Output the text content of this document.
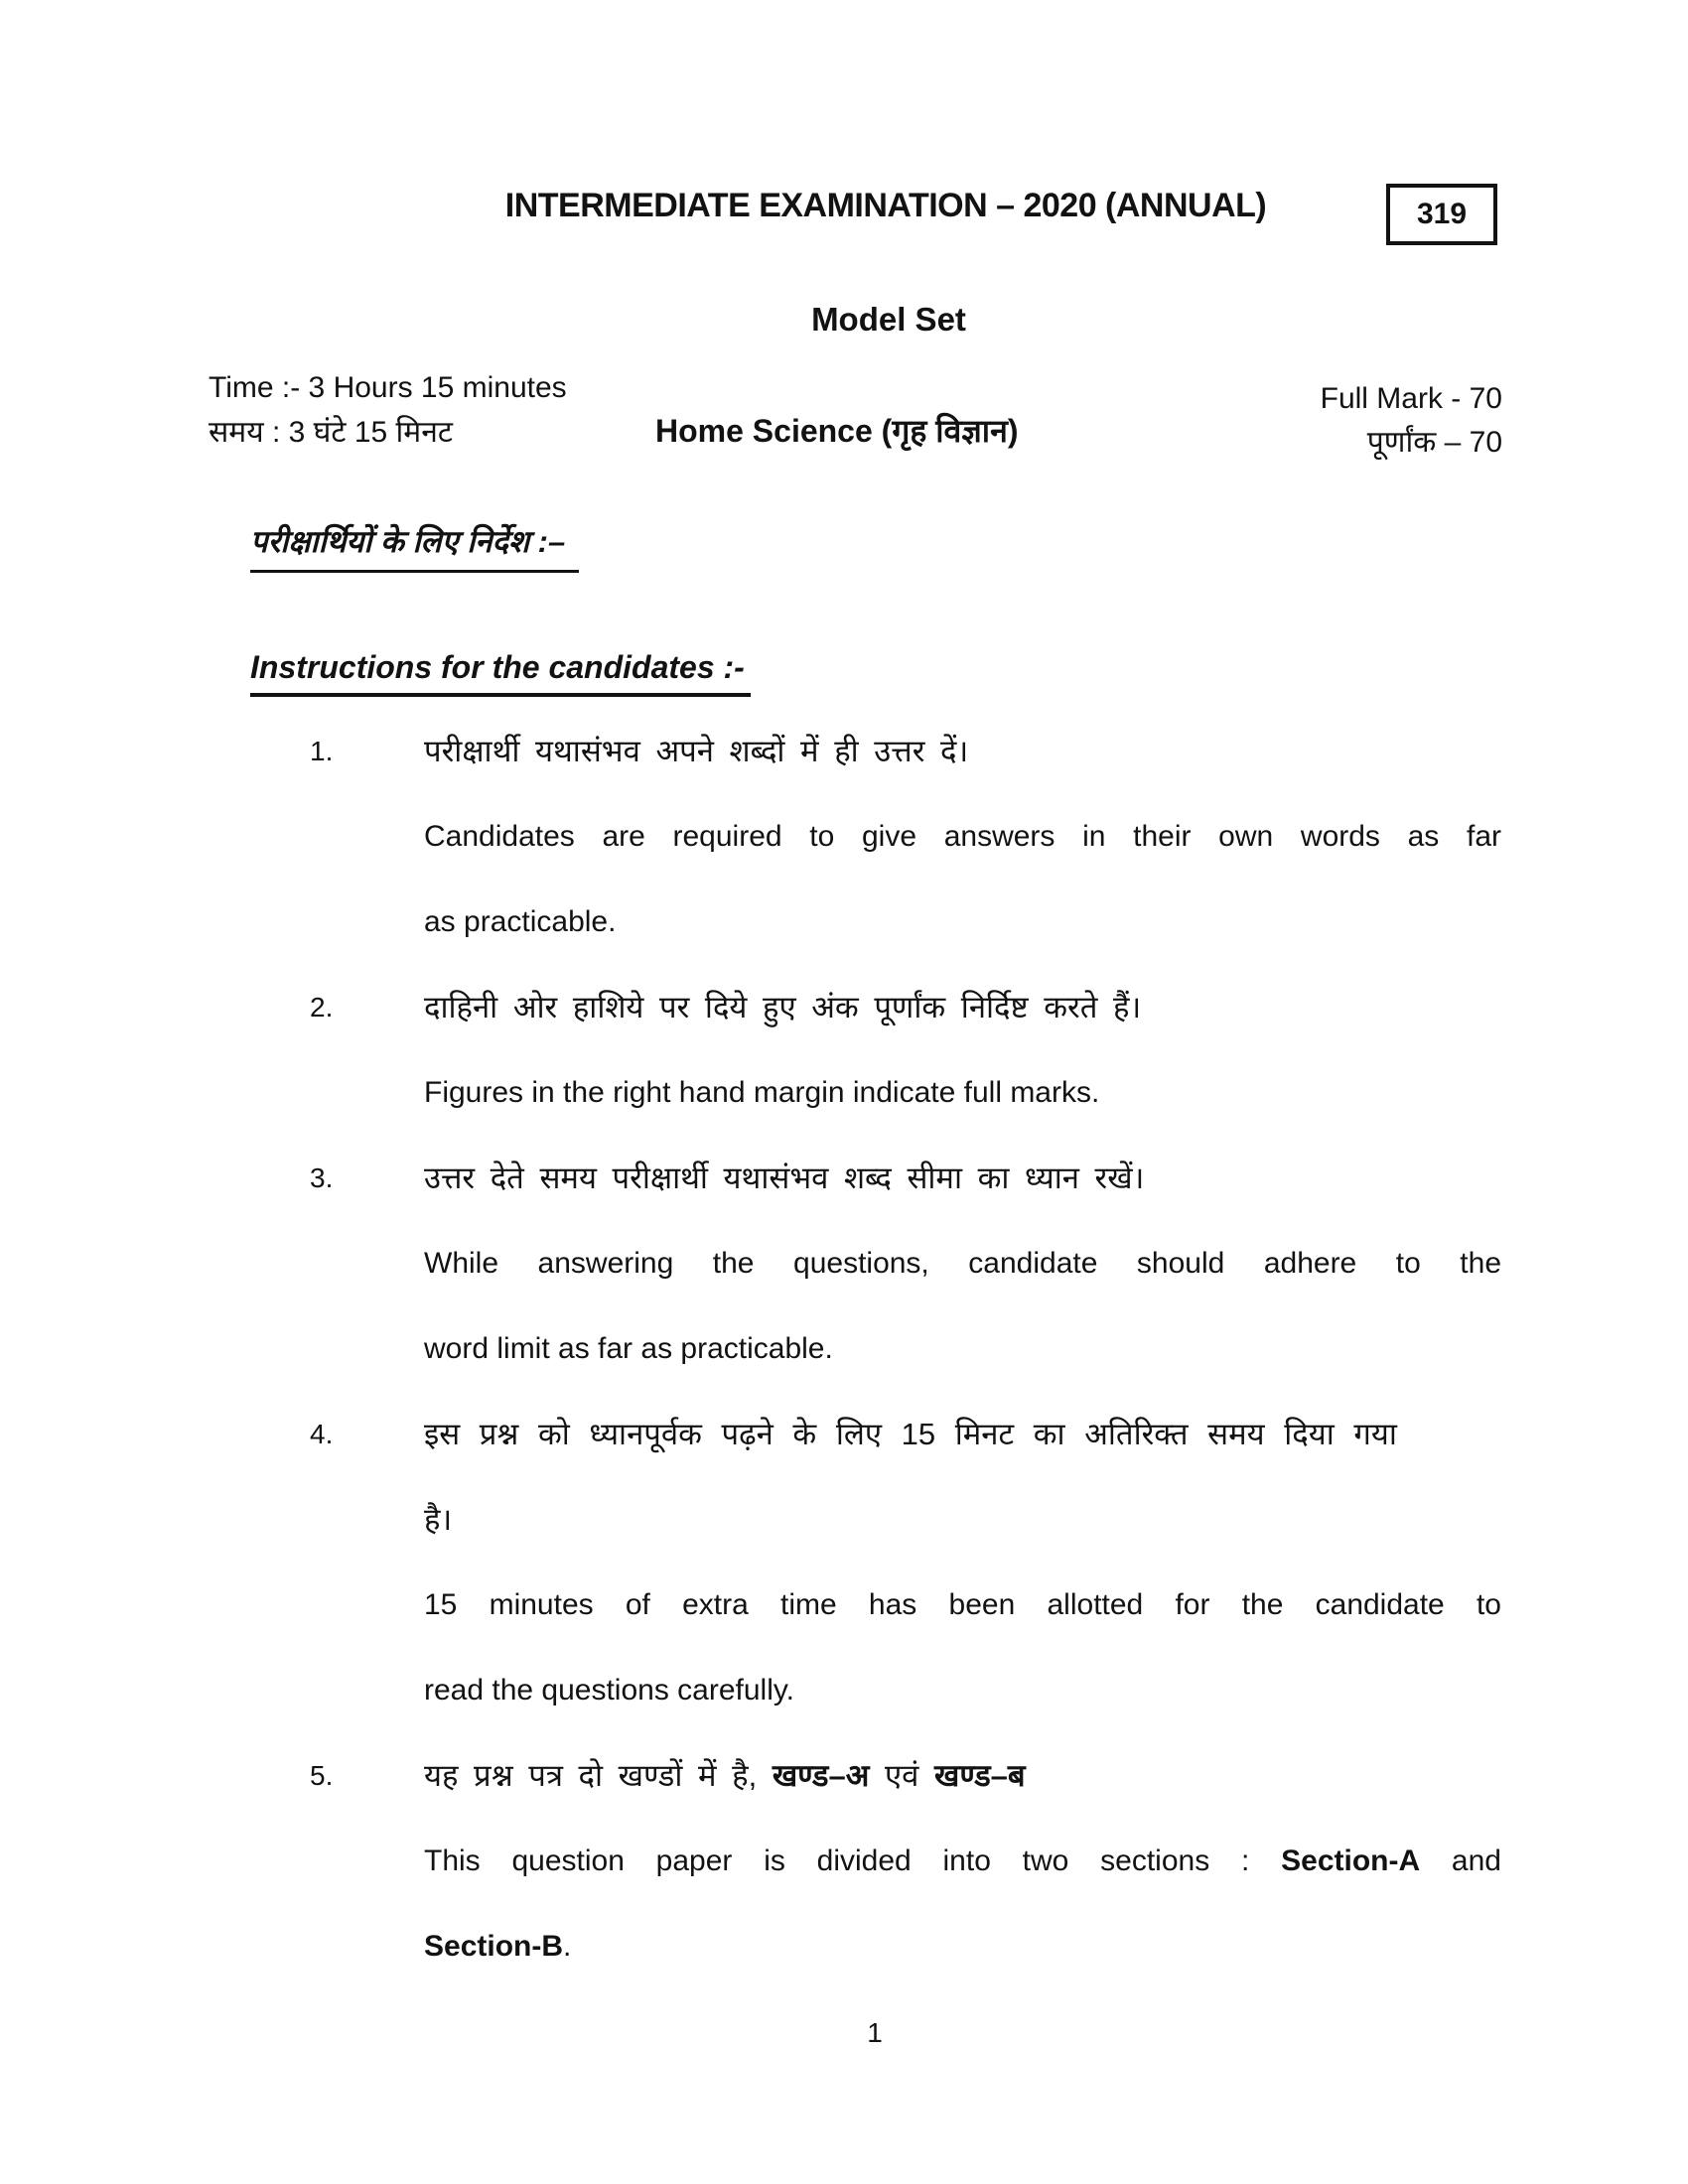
INTERMEDIATE EXAMINATION – 2020 (ANNUAL)	319
Model Set
Time :- 3 Hours 15 minutes
समय : 3 घंटे 15 मिनट	Home Science (गृह विज्ञान)
Full Mark - 70
पूर्णांक – 70
परीक्षार्थियों के लिए निर्देश :–
Instructions for the candidates :-
1.	परीक्षार्थी यथासंभव अपने शब्दों में ही उत्तर दें।
Candidates are required to give answers in their own words as far
as practicable.
2.	दाहिनी ओर हाशिये पर दिये हुए अंक पूर्णांक निर्दिष्ट करते हैं।
Figures in the right hand margin indicate full marks.
3.	उत्तर देते समय परीक्षार्थी यथासंभव शब्द सीमा का ध्यान रखें।
While answering the questions, candidate should adhere to the
word limit as far as practicable.
4.	इस प्रश्न को ध्यानपूर्वक पढ़ने के लिए 15 मिनट का अतिरिक्त समय दिया गया
है।
15 minutes of extra time has been allotted for the candidate to
read the questions carefully.
5.	यह प्रश्न पत्र दो खण्डों में है, खण्ड–अ एवं खण्ड–ब
This question paper is divided into two sections : Section-A and
Section-B.
1
